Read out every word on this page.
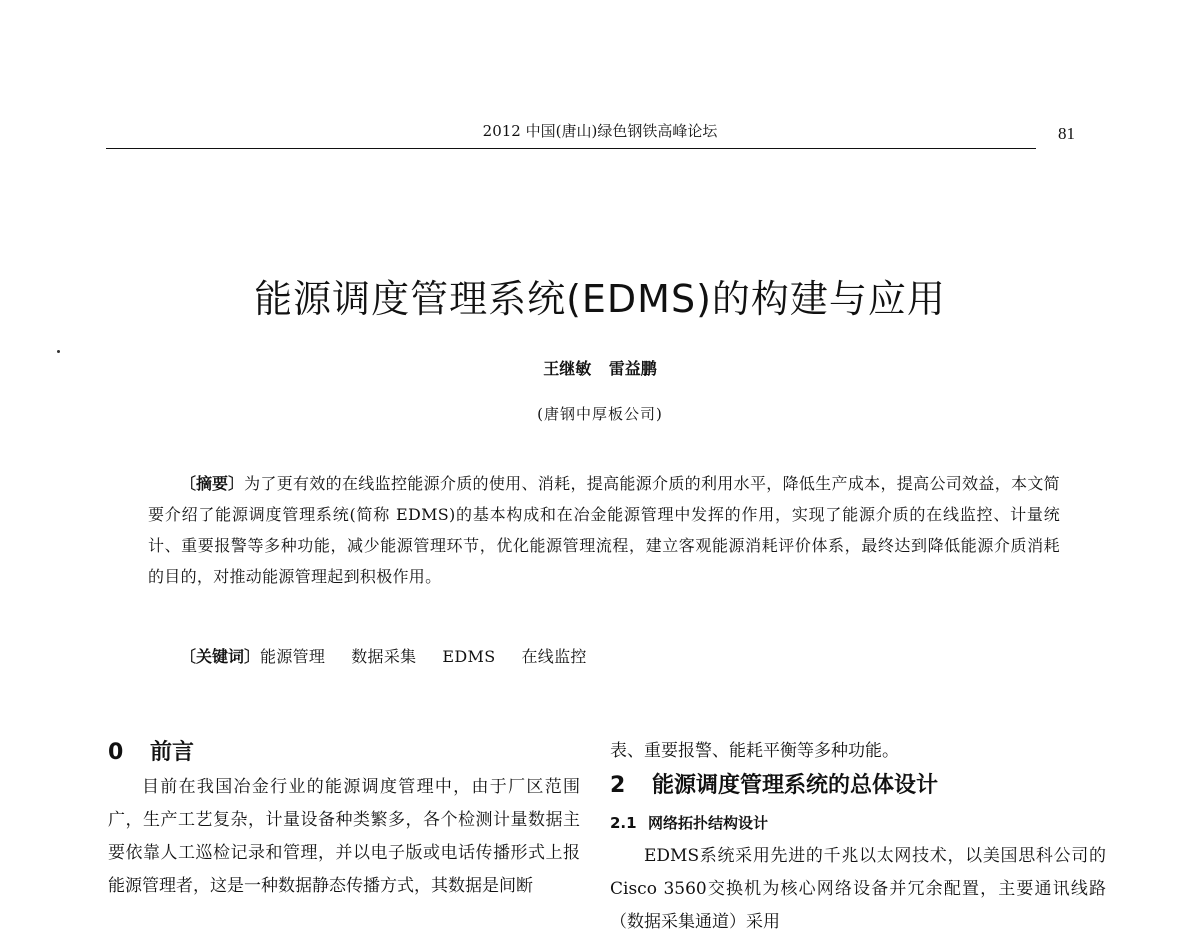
2012 中国(唐山)绿色钢铁高峰论坛	81
能源调度管理系统(EDMS)的构建与应用
王继敏 雷益鹏
(唐钢中厚板公司)
〔摘要〕为了更有效的在线监控能源介质的使用、消耗，提高能源介质的利用水平，降低生产成本，提高公司效益，本文简要介绍了能源调度管理系统(简称 EDMS)的基本构成和在冶金能源管理中发挥的作用，实现了能源介质的在线监控、计量统计、重要报警等多种功能，减少能源管理环节，优化能源管理流程，建立客观能源消耗评价体系，最终达到降低能源介质消耗的目的，对推动能源管理起到积极作用。
〔关键词〕能源管理 数据采集 EDMS 在线监控
0 前言

目前在我国冶金行业的能源调度管理中，由于厂区范围广，生产工艺复杂，计量设备种类繁多，各个检测计量数据主要依靠人工巡检记录和管理，并以电子版或电话传播形式上报能源管理者，这是一种数据静态传播方式，其数据是间断

表、重要报警、能耗平衡等多种功能。

2 能源调度管理系统的总体设计
2.1 网络拓扑结构设计

EDMS系统采用先进的千兆以太网技术，以美国思科公司的Cisco 3560交换机为核心网络设备并冗余配置，主要通讯线路（数据采集通道）采用
